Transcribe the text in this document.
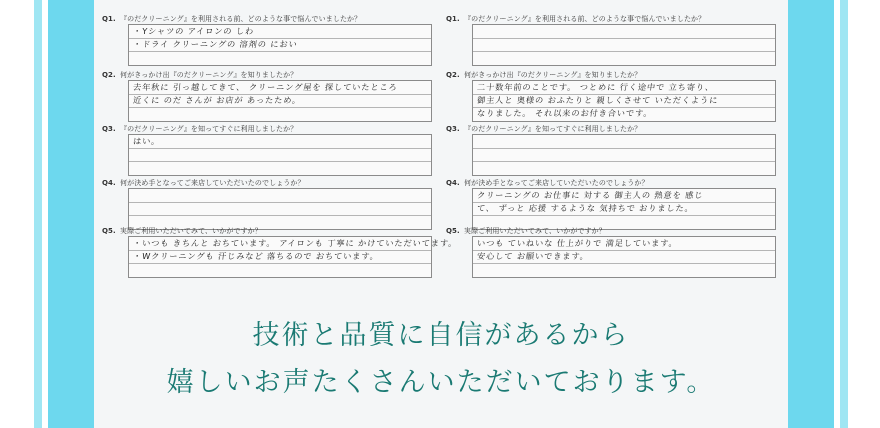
Q1. 『のだクリーニング』を利用される前、どのような事で悩んでいましたか？
・Yシャツの アイロンの しわ
・ドライ クリーニングの 溶剤の におい
Q2. 何がきっかけ出『のだクリーニング』を知りましたか？
去年秋に 引っ越してきて、 クリーニング屋を 探していたところ
近くに のだ さんが お店が あったため。
Q3. 『のだクリーニング』を知ってすぐに利用しましたか？
はい。
Q4. 何が決め手となってご来店していただいたのでしょうか？
Q5. 実際ご利用いただいてみて、いかがですか？
・いつも きちんと おちています。 アイロンも 丁寧に かけていただいてます。
・Wクリーニングも 汗じみなど 落ちるので おちています。
Q1. 『のだクリーニング』を利用される前、どのような事で悩んでいましたか？
Q2. 何がきっかけ出『のだクリーニング』を知りましたか？
二十数年前のことです。 つとめに 行く途中で 立ち寄り、
御主人と 奥様の おふたりと 親しくさせて いただくように
なりました。 それ以来のお付き合いです。
Q3. 『のだクリーニング』を知ってすぐに利用しましたか？
Q4. 何が決め手となってご来店していただいたのでしょうか？
クリーニングの お仕事に 対する 御主人の 熱意を 感じ
て、 ずっと 応援 するような 気持ちで おりました。
Q5. 実際ご利用いただいてみて、いかがですか？
いつも ていねいな 仕上がりで 満足しています。
安心して お願いできます。
技術と品質に自信があるから
嬉しいお声たくさんいただいております。
